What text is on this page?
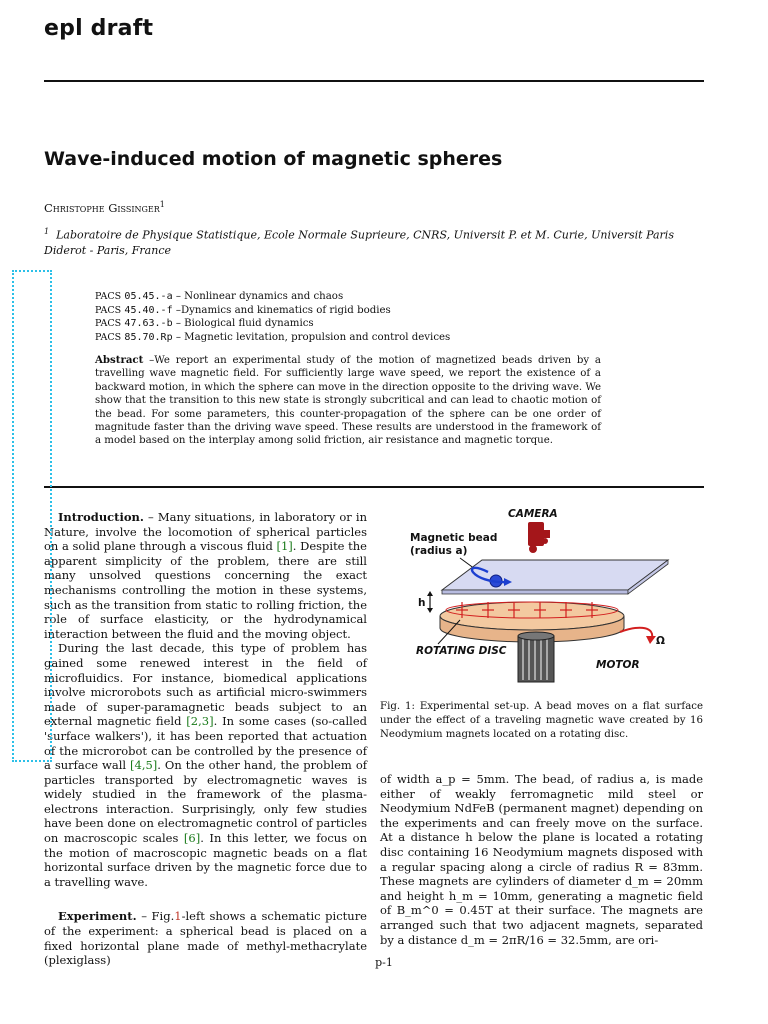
epl draft
Wave-induced motion of magnetic spheres
Christophe Gissinger$^1$
$^1$ Laboratoire de Physique Statistique, Ecole Normale Suprieure, CNRS, Universit P. et M. Curie, Universit Paris Diderot - Paris, France
PACS 05.45.-a – Nonlinear dynamics and chaos
PACS 45.40.-f –Dynamics and kinematics of rigid bodies
PACS 47.63.-b – Biological fluid dynamics
PACS 85.70.Rp – Magnetic levitation, propulsion and control devices
Abstract –We report an experimental study of the motion of magnetized beads driven by a travelling wave magnetic field. For sufficiently large wave speed, we report the existence of a backward motion, in which the sphere can move in the direction opposite to the driving wave. We show that the transition to this new state is strongly subcritical and can lead to chaotic motion of the bead. For some parameters, this counter-propagation of the sphere can be one order of magnitude faster than the driving wave speed. These results are understood in the framework of a model based on the interplay among solid friction, air resistance and magnetic torque.

Introduction. – Many situations, in laboratory or in Nature, involve the locomotion of spherical particles on a solid plane through a viscous fluid [1]. Despite the apparent simplicity of the problem, there are still many unsolved questions concerning the exact mechanisms controlling the motion in these systems, such as the transition from static to rolling friction, the role of surface elasticity, or the hydrodynamical interaction between the fluid and the moving object.

During the last decade, this type of problem has gained some renewed interest in the field of microfluidics. For instance, biomedical applications involve microrobots such as artificial micro-swimmers made of super-paramagnetic beads subject to an external magnetic field [2,3]. In some cases (so-called 'surface walkers'), it has been reported that actuation of the microrobot can be controlled by the presence of a surface wall [4,5]. On the other hand, the problem of particles transported by electromagnetic waves is widely studied in the framework of the plasma-electrons interaction. Surprisingly, only few studies have been done on electromagnetic control of particles on macroscopic scales [6]. In this letter, we focus on the motion of macroscopic magnetic beads on a flat horizontal surface driven by the magnetic force due to a travelling wave.

Experiment. – Fig.1-left shows a schematic picture of the experiment: a spherical bead is placed on a fixed horizontal plane made of methyl-methacrylate (plexiglass)

CAMERA
Magnetic bead
(radius a)
h
Ω
ROTATING DISC
MOTOR
Fig. 1: Experimental set-up. A bead moves on a flat surface under the effect of a traveling magnetic wave created by 16 Neodymium magnets located on a rotating disc.

of width a_p = 5mm. The bead, of radius a, is made either of weakly ferromagnetic mild steel or Neodymium NdFeB (permanent magnet) depending on the experiments and can freely move on the surface. At a distance h below the plane is located a rotating disc containing 16 Neodymium magnets disposed with a regular spacing along a circle of radius R = 83mm. These magnets are cylinders of diameter d_m = 20mm and height h_m = 10mm, generating a magnetic field of B_m^0 = 0.45T at their surface. The magnets are arranged such that two adjacent magnets, separated by a distance d_m = 2πR/16 = 32.5mm, are ori-

p-1
